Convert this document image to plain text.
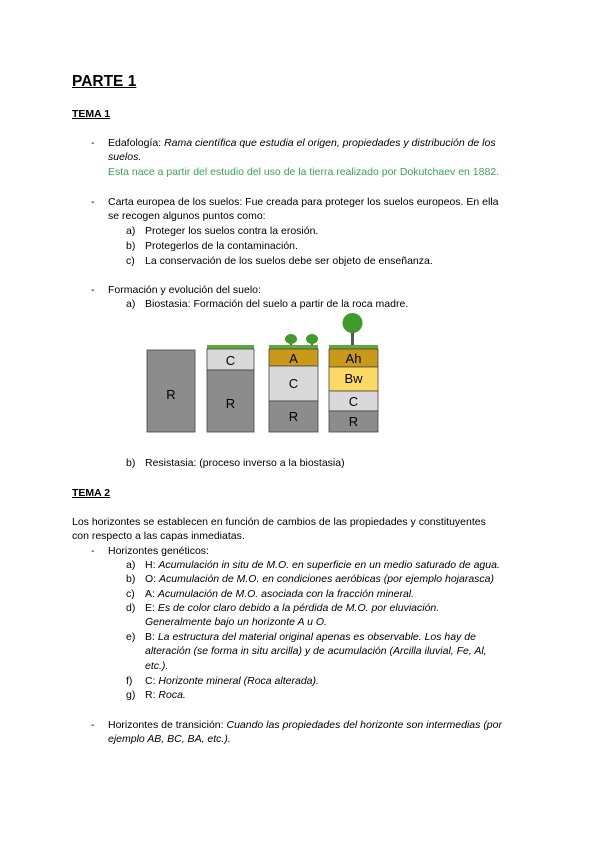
PARTE 1
TEMA 1
- Edafología: Rama científica que estudia el origen, propiedades y distribución de los
suelos.
Esta nace a partir del estudio del uso de la tierra realizado por Dokutchaev en 1882.
- Carta europea de los suelos: Fue creada para proteger los suelos europeos. En ella
se recogen algunos puntos como:
a) Proteger los suelos contra la erosión.
b) Protegerlos de la contaminación.
c) La conservación de los suelos debe ser objeto de enseñanza.
- Formación y evolución del suelo:
a) Biostasia: Formación del suelo a partir de la roca madre.
R
C
R
A
C
R
Ah
Bw
C
R
b) Resistasia: (proceso inverso a la biostasia)
TEMA 2
Los horizontes se establecen en función de cambios de las propiedades y constituyentes
con respecto a las capas inmediatas.
- Horizontes genéticos:
a) H: Acumulación in situ de M.O. en superficie en un medio saturado de agua.
b) O: Acumulación de M.O. en condiciones aeróbicas (por ejemplo hojarasca)
c) A: Acumulación de M.O. asociada con la fracción mineral.
d) E: Es de color claro debido a la pérdida de M.O. por eluviación.
Generalmente bajo un horizonte A u O.
e) B: La estructura del material original apenas es observable. Los hay de
alteración (se forma in situ arcilla) y de acumulación (Arcilla iluvial, Fe, Al,
etc.).
f) C: Horizonte mineral (Roca alterada).
g) R: Roca.
- Horizontes de transición: Cuando las propiedades del horizonte son intermedias (por
ejemplo AB, BC, BA, etc.).
